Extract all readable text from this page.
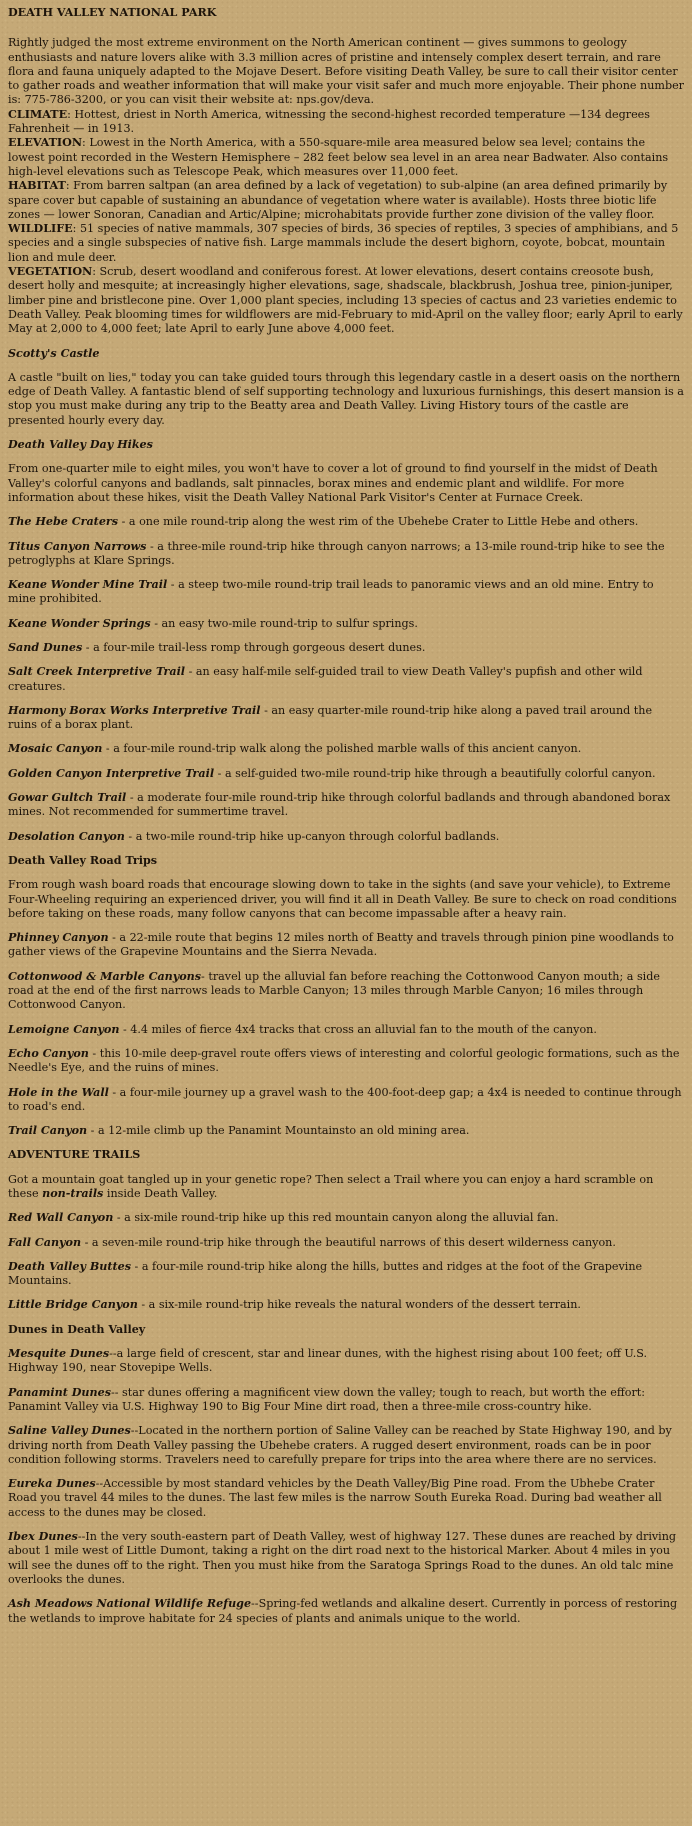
DEATH VALLEY NATIONAL PARK

Rightly judged the most extreme environment on the North American continent — gives summons to geology enthusiasts and nature lovers alike with 3.3 million acres of pristine and intensely complex desert terrain, and rare flora and fauna uniquely adapted to the Mojave Desert. Before visiting Death Valley, be sure to call their visitor center to gather roads and weather information that will make your visit safer and much more enjoyable. Their phone number is: 775-786-3200, or you can visit their website at: nps.gov/deva.

CLIMATE: Hottest, driest in North America, witnessing the second-highest recorded temperature —134 degrees Fahrenheit — in 1913.

ELEVATION: Lowest in the North America, with a 550-square-mile area measured below sea level; contains the lowest point recorded in the Western Hemisphere – 282 feet below sea level in an area near Badwater. Also contains high-level elevations such as Telescope Peak, which measures over 11,000 feet.

HABITAT: From barren saltpan (an area defined by a lack of vegetation) to sub-alpine (an area defined primarily by spare cover but capable of sustaining an abundance of vegetation where water is available). Hosts three biotic life zones — lower Sonoran, Canadian and Artic/Alpine; microhabitats provide further zone division of the valley floor.

WILDLIFE: 51 species of native mammals, 307 species of birds, 36 species of reptiles, 3 species of amphibians, and 5 species and a single subspecies of native fish. Large mammals include the desert bighorn, coyote, bobcat, mountain lion and mule deer.

VEGETATION: Scrub, desert woodland and coniferous forest. At lower elevations, desert contains creosote bush, desert holly and mesquite; at increasingly higher elevations, sage, shadscale, blackbrush, Joshua tree, pinion-juniper, limber pine and bristlecone pine. Over 1,000 plant species, including 13 species of cactus and 23 varieties endemic to Death Valley. Peak blooming times for wildflowers are mid-February to mid-April on the valley floor; early April to early May at 2,000 to 4,000 feet; late April to early June above 4,000 feet.

Scotty's Castle

A castle "built on lies," today you can take guided tours through this legendary castle in a desert oasis on the northern edge of Death Valley. A fantastic blend of self supporting technology and luxurious furnishings, this desert mansion is a stop you must make during any trip to the Beatty area and Death Valley. Living History tours of the castle are presented hourly every day.

Death Valley Day Hikes

From one-quarter mile to eight miles, you won't have to cover a lot of ground to find yourself in the midst of Death Valley's colorful canyons and badlands, salt pinnacles, borax mines and endemic plant and wildlife. For more information about these hikes, visit the Death Valley National Park Visitor's Center at Furnace Creek.

The Hebe Craters - a one mile round-trip along the west rim of the Ubehebe Crater to Little Hebe and others.

Titus Canyon Narrows - a three-mile round-trip hike through canyon narrows; a 13-mile round-trip hike to see the petroglyphs at Klare Springs.

Keane Wonder Mine Trail - a steep two-mile round-trip trail leads to panoramic views and an old mine. Entry to mine prohibited.

Keane Wonder Springs - an easy two-mile round-trip to sulfur springs.

Sand Dunes - a four-mile trail-less romp through gorgeous desert dunes.

Salt Creek Interpretive Trail - an easy half-mile self-guided trail to view Death Valley's pupfish and other wild creatures.

Harmony Borax Works Interpretive Trail - an easy quarter-mile round-trip hike along a paved trail around the ruins of a borax plant.

Mosaic Canyon - a four-mile round-trip walk along the polished marble walls of this ancient canyon.

Golden Canyon Interpretive Trail - a self-guided two-mile round-trip hike through a beautifully colorful canyon.

Gowar Gultch Trail - a moderate four-mile round-trip hike through colorful badlands and through abandoned borax mines. Not recommended for summertime travel.

Desolation Canyon - a two-mile round-trip hike up-canyon through colorful badlands.

Death Valley Road Trips

From rough wash board roads that encourage slowing down to take in the sights (and save your vehicle), to Extreme Four-Wheeling requiring an experienced driver, you will find it all in Death Valley. Be sure to check on road conditions before taking on these roads, many follow canyons that can become impassable after a heavy rain.

Phinney Canyon - a 22-mile route that begins 12 miles north of Beatty and travels through pinion pine woodlands to gather views of the Grapevine Mountains and the Sierra Nevada.

Cottonwood & Marble Canyons- travel up the alluvial fan before reaching the Cottonwood Canyon mouth; a side road at the end of the first narrows leads to Marble Canyon; 13 miles through Marble Canyon; 16 miles through Cottonwood Canyon.

Lemoigne Canyon - 4.4 miles of fierce 4x4 tracks that cross an alluvial fan to the mouth of the canyon.

Echo Canyon - this 10-mile deep-gravel route offers views of interesting and colorful geologic formations, such as the Needle's Eye, and the ruins of mines.

Hole in the Wall - a four-mile journey up a gravel wash to the 400-foot-deep gap; a 4x4 is needed to continue through to road's end.

Trail Canyon - a 12-mile climb up the Panamint Mountainsto an old mining area.

ADVENTURE TRAILS

Got a mountain goat tangled up in your genetic rope? Then select a Trail where you can enjoy a hard scramble on these non-trails inside Death Valley.

Red Wall Canyon - a six-mile round-trip hike up this red mountain canyon along the alluvial fan.

Fall Canyon - a seven-mile round-trip hike through the beautiful narrows of this desert wilderness canyon.

Death Valley Buttes - a four-mile round-trip hike along the hills, buttes and ridges at the foot of the Grapevine Mountains.

Little Bridge Canyon - a six-mile round-trip hike reveals the natural wonders of the dessert terrain.

Dunes in Death Valley

Mesquite Dunes--a large field of crescent, star and linear dunes, with the highest rising about 100 feet; off U.S. Highway 190, near Stovepipe Wells.

Panamint Dunes-- star dunes offering a magnificent view down the valley; tough to reach, but worth the effort: Panamint Valley via U.S. Highway 190 to Big Four Mine dirt road, then a three-mile cross-country hike.

Saline Valley Dunes--Located in the northern portion of Saline Valley can be reached by State Highway 190, and by driving north from Death Valley passing the Ubehebe craters. A rugged desert environment, roads can be in poor
condition following storms. Travelers need to carefully prepare for trips into the area where there are no services.

Eureka Dunes--Accessible by most standard vehicles by the Death Valley/Big Pine road. From the Ubhebe Crater Road you travel 44 miles to the dunes. The last few miles is the narrow South Eureka Road. During bad weather all access to the dunes may be closed.

Ibex Dunes--In the very south-eastern part of Death Valley, west of highway 127. These dunes are reached by driving about 1 mile west of Little Dumont, taking a right on the dirt road next to the historical Marker. About 4 miles in you will see the dunes off to the right. Then you must hike from the Saratoga Springs Road to the dunes. An old talc mine overlooks the dunes.

Ash Meadows National Wildlife Refuge--Spring-fed wetlands and alkaline desert. Currently in porcess of restoring the wetlands to improve habitate for 24 species of plants and animals unique to the world.
